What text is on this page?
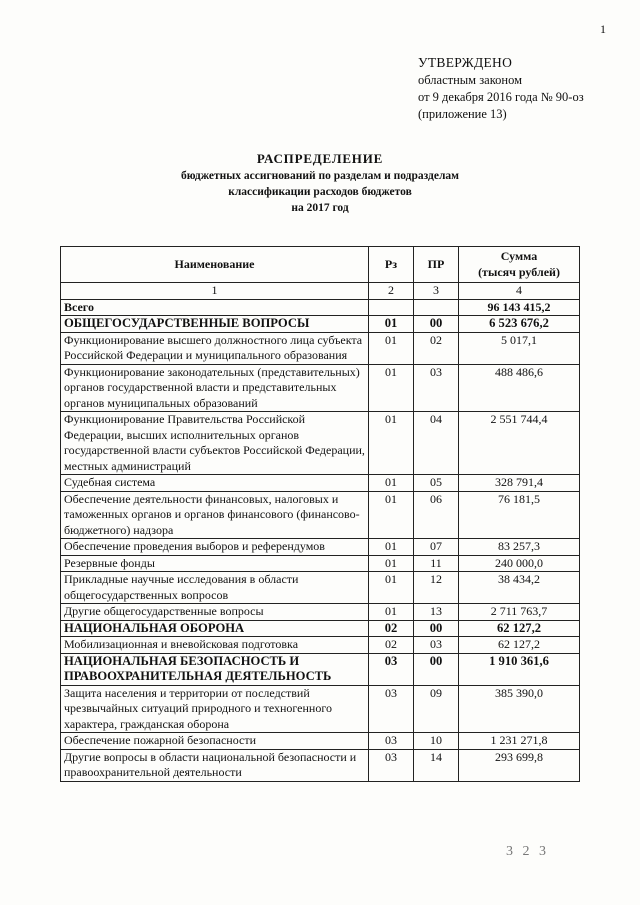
1
УТВЕРЖДЕНО
областным законом
от 9 декабря 2016 года № 90-оз
(приложение 13)
РАСПРЕДЕЛЕНИЕ
бюджетных ассигнований по разделам и подразделам
классификации расходов бюджетов
на 2017 год
Наименование	Рз	ПР	Сумма
(тысяч рублей)

1	2	3	4
Всего			96 143 415,2
ОБЩЕГОСУДАРСТВЕННЫЕ ВОПРОСЫ	01	00	6 523 676,2
Функционирование высшего должностного лица субъекта Российской Федерации и муниципального образования	01	02	5 017,1
Функционирование законодательных (представительных) органов государственной власти и представительных органов муниципальных образований	01	03	488 486,6
Функционирование Правительства Российской Федерации, высших исполнительных органов государственной власти субъектов Российской Федерации, местных администраций	01	04	2 551 744,4
Судебная система	01	05	328 791,4
Обеспечение деятельности финансовых, налоговых и таможенных органов и органов финансового (финансово-бюджетного) надзора	01	06	76 181,5
Обеспечение проведения выборов и референдумов	01	07	83 257,3
Резервные фонды	01	11	240 000,0
Прикладные научные исследования в области общегосударственных вопросов	01	12	38 434,2
Другие общегосударственные вопросы	01	13	2 711 763,7
НАЦИОНАЛЬНАЯ ОБОРОНА	02	00	62 127,2
Мобилизационная и вневойсковая подготовка	02	03	62 127,2
НАЦИОНАЛЬНАЯ БЕЗОПАСНОСТЬ И ПРАВООХРАНИТЕЛЬНАЯ ДЕЯТЕЛЬНОСТЬ	03	00	1 910 361,6
Защита населения и территории от последствий чрезвычайных ситуаций природного и техногенного характера, гражданская оборона	03	09	385 390,0
Обеспечение пожарной безопасности	03	10	1 231 271,8
Другие вопросы в области национальной безопасности и правоохранительной деятельности	03	14	293 699,8
3 2 3
